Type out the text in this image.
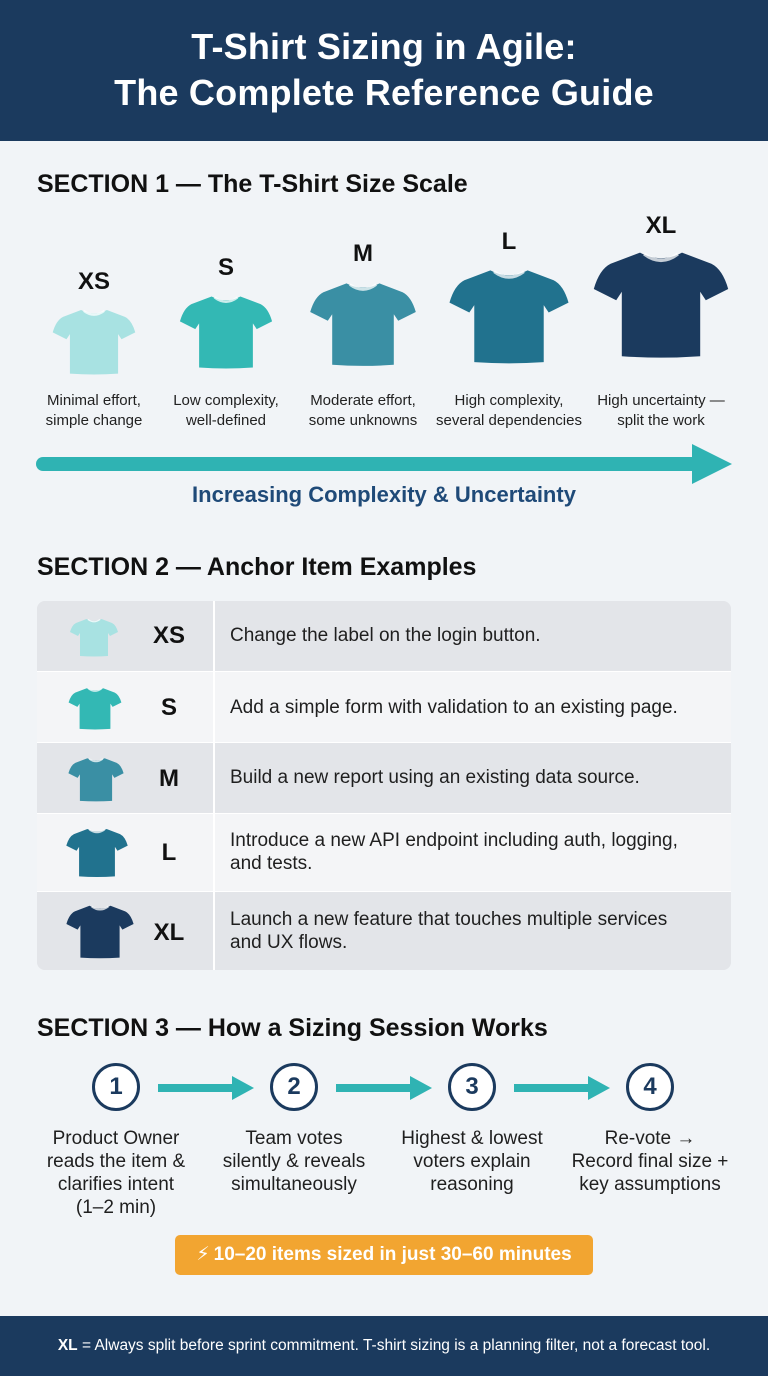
T-Shirt Sizing in Agile:
The Complete Reference Guide
SECTION 1 — The T-Shirt Size Scale
XS
Minimal effort,
simple change
S
Low complexity,
well-defined
M
Moderate effort,
some unknowns
L
High complexity,
several dependencies
XL
High uncertainty —
split the work
Increasing Complexity & Uncertainty
SECTION 2 — Anchor Item Examples
XS	Change the label on the login button.
S	Add a simple form with validation to an existing page.
M	Build a new report using an existing data source.
L	Introduce a new API endpoint including auth, logging,
and tests.
XL	Launch a new feature that touches multiple services
and UX flows.
SECTION 3 — How a Sizing Session Works
1	2	3	4
Product Owner
reads the item &
clarifies intent
(1–2 min)
Team votes
silently & reveals
simultaneously
Highest & lowest
voters explain
reasoning
Re-vote →
Record final size +
key assumptions
⚡ 10–20 items sized in just 30–60 minutes
XL = Always split before sprint commitment. T-shirt sizing is a planning filter, not a forecast tool.
